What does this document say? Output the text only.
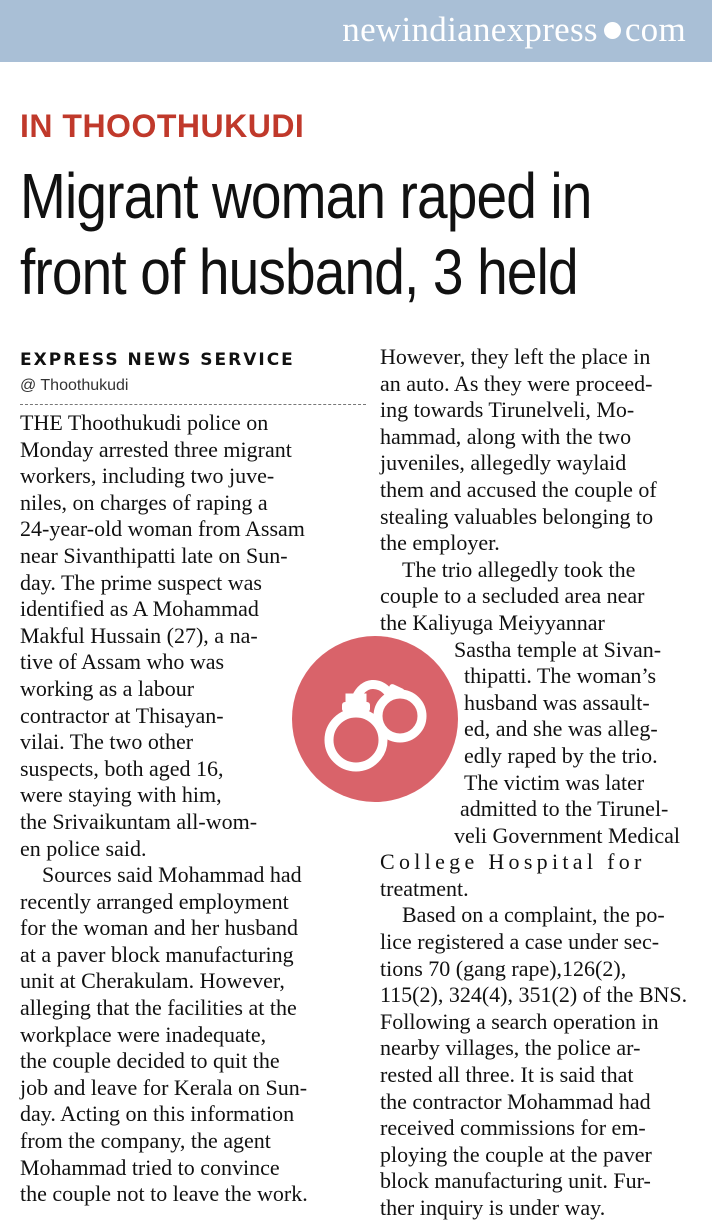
newindianexpress com
IN THOOTHUKUDI
Migrant woman raped in
front of husband, 3 held
EXPRESS NEWS SERVICE
@ Thoothukudi
THE Thoothukudi police on
Monday arrested three migrant
workers, including two juve-
niles, on charges of raping a
24-year-old woman from Assam
near Sivanthipatti late on Sun-
day. The prime suspect was
identified as A Mohammad
Makful Hussain (27), a na-
tive of Assam who was
working as a labour
contractor at Thisayan-
vilai. The two other
suspects, both aged 16,
were staying with him,
the Srivaikuntam all-wom-
en police said.
Sources said Mohammad had
recently arranged employment
for the woman and her husband
at a paver block manufacturing
unit at Cherakulam. However,
alleging that the facilities at the
workplace were inadequate,
the couple decided to quit the
job and leave for Kerala on Sun-
day. Acting on this information
from the company, the agent
Mohammad tried to convince
the couple not to leave the work.
However, they left the place in
an auto. As they were proceed-
ing towards Tirunelveli, Mo-
hammad, along with the two
juveniles, allegedly waylaid
them and accused the couple of
stealing valuables belonging to
the employer.
The trio allegedly took the
couple to a secluded area near
the Kaliyuga Meiyyannar
Sastha temple at Sivan-
thipatti. The woman’s
husband was assault-
ed, and she was alleg-
edly raped by the trio.
The victim was later
admitted to the Tirunel-
veli Government Medical
College Hospital for
treatment.
Based on a complaint, the po-
lice registered a case under sec-
tions 70 (gang rape),126(2),
115(2), 324(4), 351(2) of the BNS.
Following a search operation in
nearby villages, the police ar-
rested all three. It is said that
the contractor Mohammad had
received commissions for em-
ploying the couple at the paver
block manufacturing unit. Fur-
ther inquiry is under way.
